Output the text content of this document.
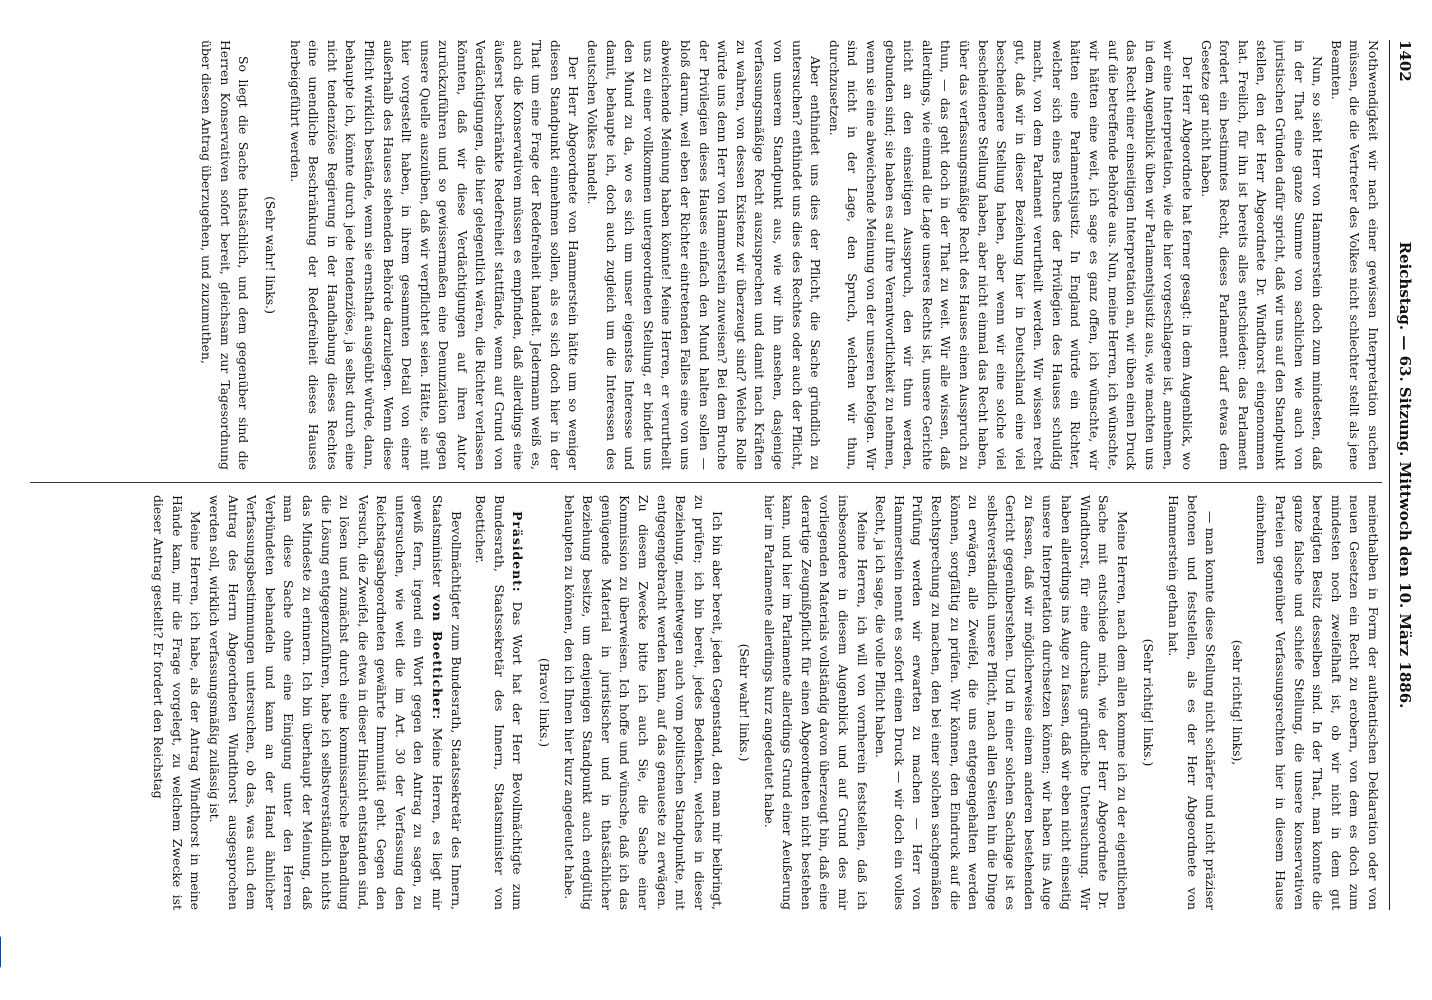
1402
Reichstag. — 63. Sitzung. Mittwoch den 10. März 1886.

Nothwendigkeit wir nach einer gewissen Interpretation suchen müssen, die die Vertreter des Volkes nicht schlechter stellt als jene Beamten.

Nun, so sieht Herr von Hammerstein doch zum mindesten, daß in der That eine ganze Summe von sachlichen wie auch von juristischen Gründen dafür spricht, daß wir uns auf den Standpunkt stellen, den der Herr Abgeordnete Dr. Windthorst eingenommen hat. Freilich, für ihn ist bereits alles entschieden: das Parlament fordert ein bestimmtes Recht, dieses Parlament darf etwas dem Gesetze gar nicht haben.

Der Herr Abgeordnete hat ferner gesagt: in dem Augenblick, wo wir eine Interpretation, wie die hier vorgeschlagene ist, annehmen, in dem Augenblick üben wir Parlamentsjustiz aus, wie machten uns das Recht einer einseitigen Interpretation an, wir üben einen Druck auf die betreffende Behörde aus. Nun, meine Herren, ich wünschte, wir hätten eine weit, ich sage es ganz offen, ich wünschte, wir hätten eine Parlamentsjustiz. In England würde ein Richter, welcher sich eines Bruches der Privilegien des Hauses schuldig macht, von dem Parlament verurtheilt werden. Wir wissen recht gut, daß wir in dieser Beziehung hier in Deutschland eine viel bescheidenere Stellung haben, aber wenn wir eine solche viel bescheidenere Stellung haben, aber nicht einmal das Recht haben, über das verfassungsmäßige Recht des Hauses einen Ausspruch zu thun, — das geht doch in der That zu weit. Wir alle wissen, daß allerdings, wie einmal die Lage unseres Rechts ist, unsere Gerichte nicht an den einseitigen Ausspruch, den wir thun werden, gebunden sind; sie haben es auf ihre Verantwortlichkeit zu nehmen, wenn sie eine abweichende Meinung von der unseren befolgen. Wir sind nicht in der Lage, den Spruch, welchen wir thun, durchzusetzen.

Aber enthindet uns dies der Pflicht, die Sache gründlich zu untersuchen? enthindet uns dies des Rechtes oder auch der Pflicht, von unserem Standpunkt aus, wie wir ihn ansehen, dasjenige verfassungsmäßige Recht auszusprechen und damit nach Kräften zu wahren, von dessen Existenz wir überzeugt sind? Welche Rolle würde uns denn Herr von Hammerstein zuweisen? Bei dem Bruche der Privilegien dieses Hauses einfach den Mund halten sollen — bloß darum, weil eben der Richter eintretenden Falles eine von uns abweichende Meinung haben könnte! Meine Herren, er verurtheilt uns zu einer vollkommen untergeordneten Stellung, er bindet uns den Mund zu da, wo es sich um unser eigenstes Interesse und damit, behaupte ich, doch auch zugleich um die Interessen des deutschen Volkes handelt.

Der Herr Abgeordnete von Hammerstein hätte um so weniger diesen Standpunkt einnehmen sollen, als es sich doch hier in der That um eine Frage der Redefreiheit handelt. Jedermann weiß es, auch die Konservativen müssen es empfinden, daß allerdings eine äußerst beschränkte Redefreiheit stattfände, wenn auf Grund von Verdächtigungen, die hier gelegentlich wären, die Richter verlassen könnten, daß wir diese Verdächtigungen auf ihren Autor zurückzuführen und so gewissermaßen eine Denunziation gegen unsere Quelle auszuüben, daß wir verpflichtet seien. Hätte, sie mit hier vorgestellt haben, in ihrem gesammten Detail von einer außerhalb des Hauses stehenden Behörde darzulegen. Wenn diese Pflicht wirklich bestände, wenn sie ernsthaft ausgeübt würde, dann, behaupte ich, könnte durch jede tendenziöse, ja selbst durch eine nicht tendenziöse Regierung in der Handhabung dieses Rechtes eine unendliche Beschränkung der Redefreiheit dieses Hauses herbeigeführt werden.

(Sehr wahr! links.)

So liegt die Sache thatsächlich, und dem gegenüber sind die Herren Konservativen sofort bereit, gleichsam zur Tagesordnung über diesen Antrag überzugehen, und zuzumuthen,

meinethalben in Form der authentischen Deklaration oder von neuen Gesetzen ein Recht zu erobern, von dem es doch zum mindesten noch zweifelhaft ist, ob wir nicht in dem gut beredigten Besitz desselben sind. In der That, man konnte die ganze falsche und schiefe Stellung, die unsere konservativen Parteien gegenüber Verfassungsrechten hier in diesem Hause einnehmen

(sehr richtig! links),

— man konnte diese Stellung nicht schärfer und nicht präziser betonen und feststellen, als es der Herr Abgeordnete von Hammerstein gethan hat.

(Sehr richtig! links.)

Meine Herren, nach dem allen komme ich zu der eigentlichen Sache mit entschiede mich, wie der Herr Abgeordnete Dr. Windthorst, für eine durchaus gründliche Untersuchung. Wir haben allerdings ins Auge zu fassen, daß wir eben nicht einseitig unsere Interpretation durchsetzen können; wir haben ins Auge zu fassen, daß wir möglicherweise einem anderen bestehenden Gericht gegenüberstehen. Und in einer solchen Sachlage ist es selbstverständlich unsere Pflicht, nach allen Seiten hin die Dinge zu erwägen, alle Zweifel, die uns entgegengehalten werden können, sorgfältig zu prüfen. Wir können, den Eindruck auf die Rechtsprechung zu machen, den bei einer solchen sachgemäßen Prüfung werden wir erwarten zu machen — Herr von Hammerstein nennt es sofort einen Druck — wir doch ein volles Recht, ja ich sage, die volle Pflicht haben.

Meine Herren, ich will von vornherein feststellen, daß ich insbesondere in diesem Augenblick und auf Grund des mir vorliegenden Materials vollständig davon überzeugt bin, daß eine derartige Zeugnißpflicht für einen Abgeordneten nicht bestehen kann, und hier im Parlamente allerdings Grund einer Aeußerung hier im Parlamente allerdings kurz angedeutet habe.

(Sehr wahr! links.)

Ich bin aber bereit, jeden Gegenstand, den man mir beibringt, zu prüfen; ich bin bereit, jedes Bedenken, welches in dieser Beziehung, meinetwegen auch vom politischen Standpunkte, mit entgegengebracht werden kann, auf das genaueste zu erwägen. Zu diesem Zwecke bitte ich auch Sie, die Sache einer Kommission zu überweisen. Ich hoffe und wünsche, daß ich das genügende Material in juristischer und in thatsächlicher Beziehung besitze, um denjenigen Standpunkt auch endgültig behaupten zu können, den ich Ihnen hier kurz angedeutet habe.

(Bravo! links.)

Präsident: Das Wort hat der Herr Bevollmächtigte zum Bundesrath, Staatssekretär des Innern, Staatsminister von Boetticher.

Bevollmächtigter zum Bundesrath, Staatssekretär des Innern, Staatsminister von Boetticher: Meine Herren, es liegt mir gewiß fern, irgend ein Wort gegen den Antrag zu sagen, zu untersuchen, wie weit die im Art. 30 der Verfassung den Reichstagsabgeordneten gewährte Immunität geht. Gegen den Versuch, die Zweifel, die etwa in dieser Hinsicht entstanden sind, zu lösen und zunächst durch eine kommissarische Behandlung die Lösung entgegenzuführen, habe ich selbstverständlich nichts das Mindeste zu erinnern. Ich bin überhaupt der Meinung, daß man diese Sache ohne eine Einigung unter den Herren Verbündeten behandeln und kann an der Hand ähnlicher Verfassungsbestimmungen untersuchen, ob das, was auch dem Antrag des Herrn Abgeordneten Windthorst ausgesprochen werden soll, wirklich verfassungsmäßig zulässig ist.

Meine Herren, ich habe, als der Antrag Windthorst in meine Hände kam, mir die Frage vorgelegt, zu welchem Zwecke ist dieser Antrag gestellt? Er fordert den Reichstag
